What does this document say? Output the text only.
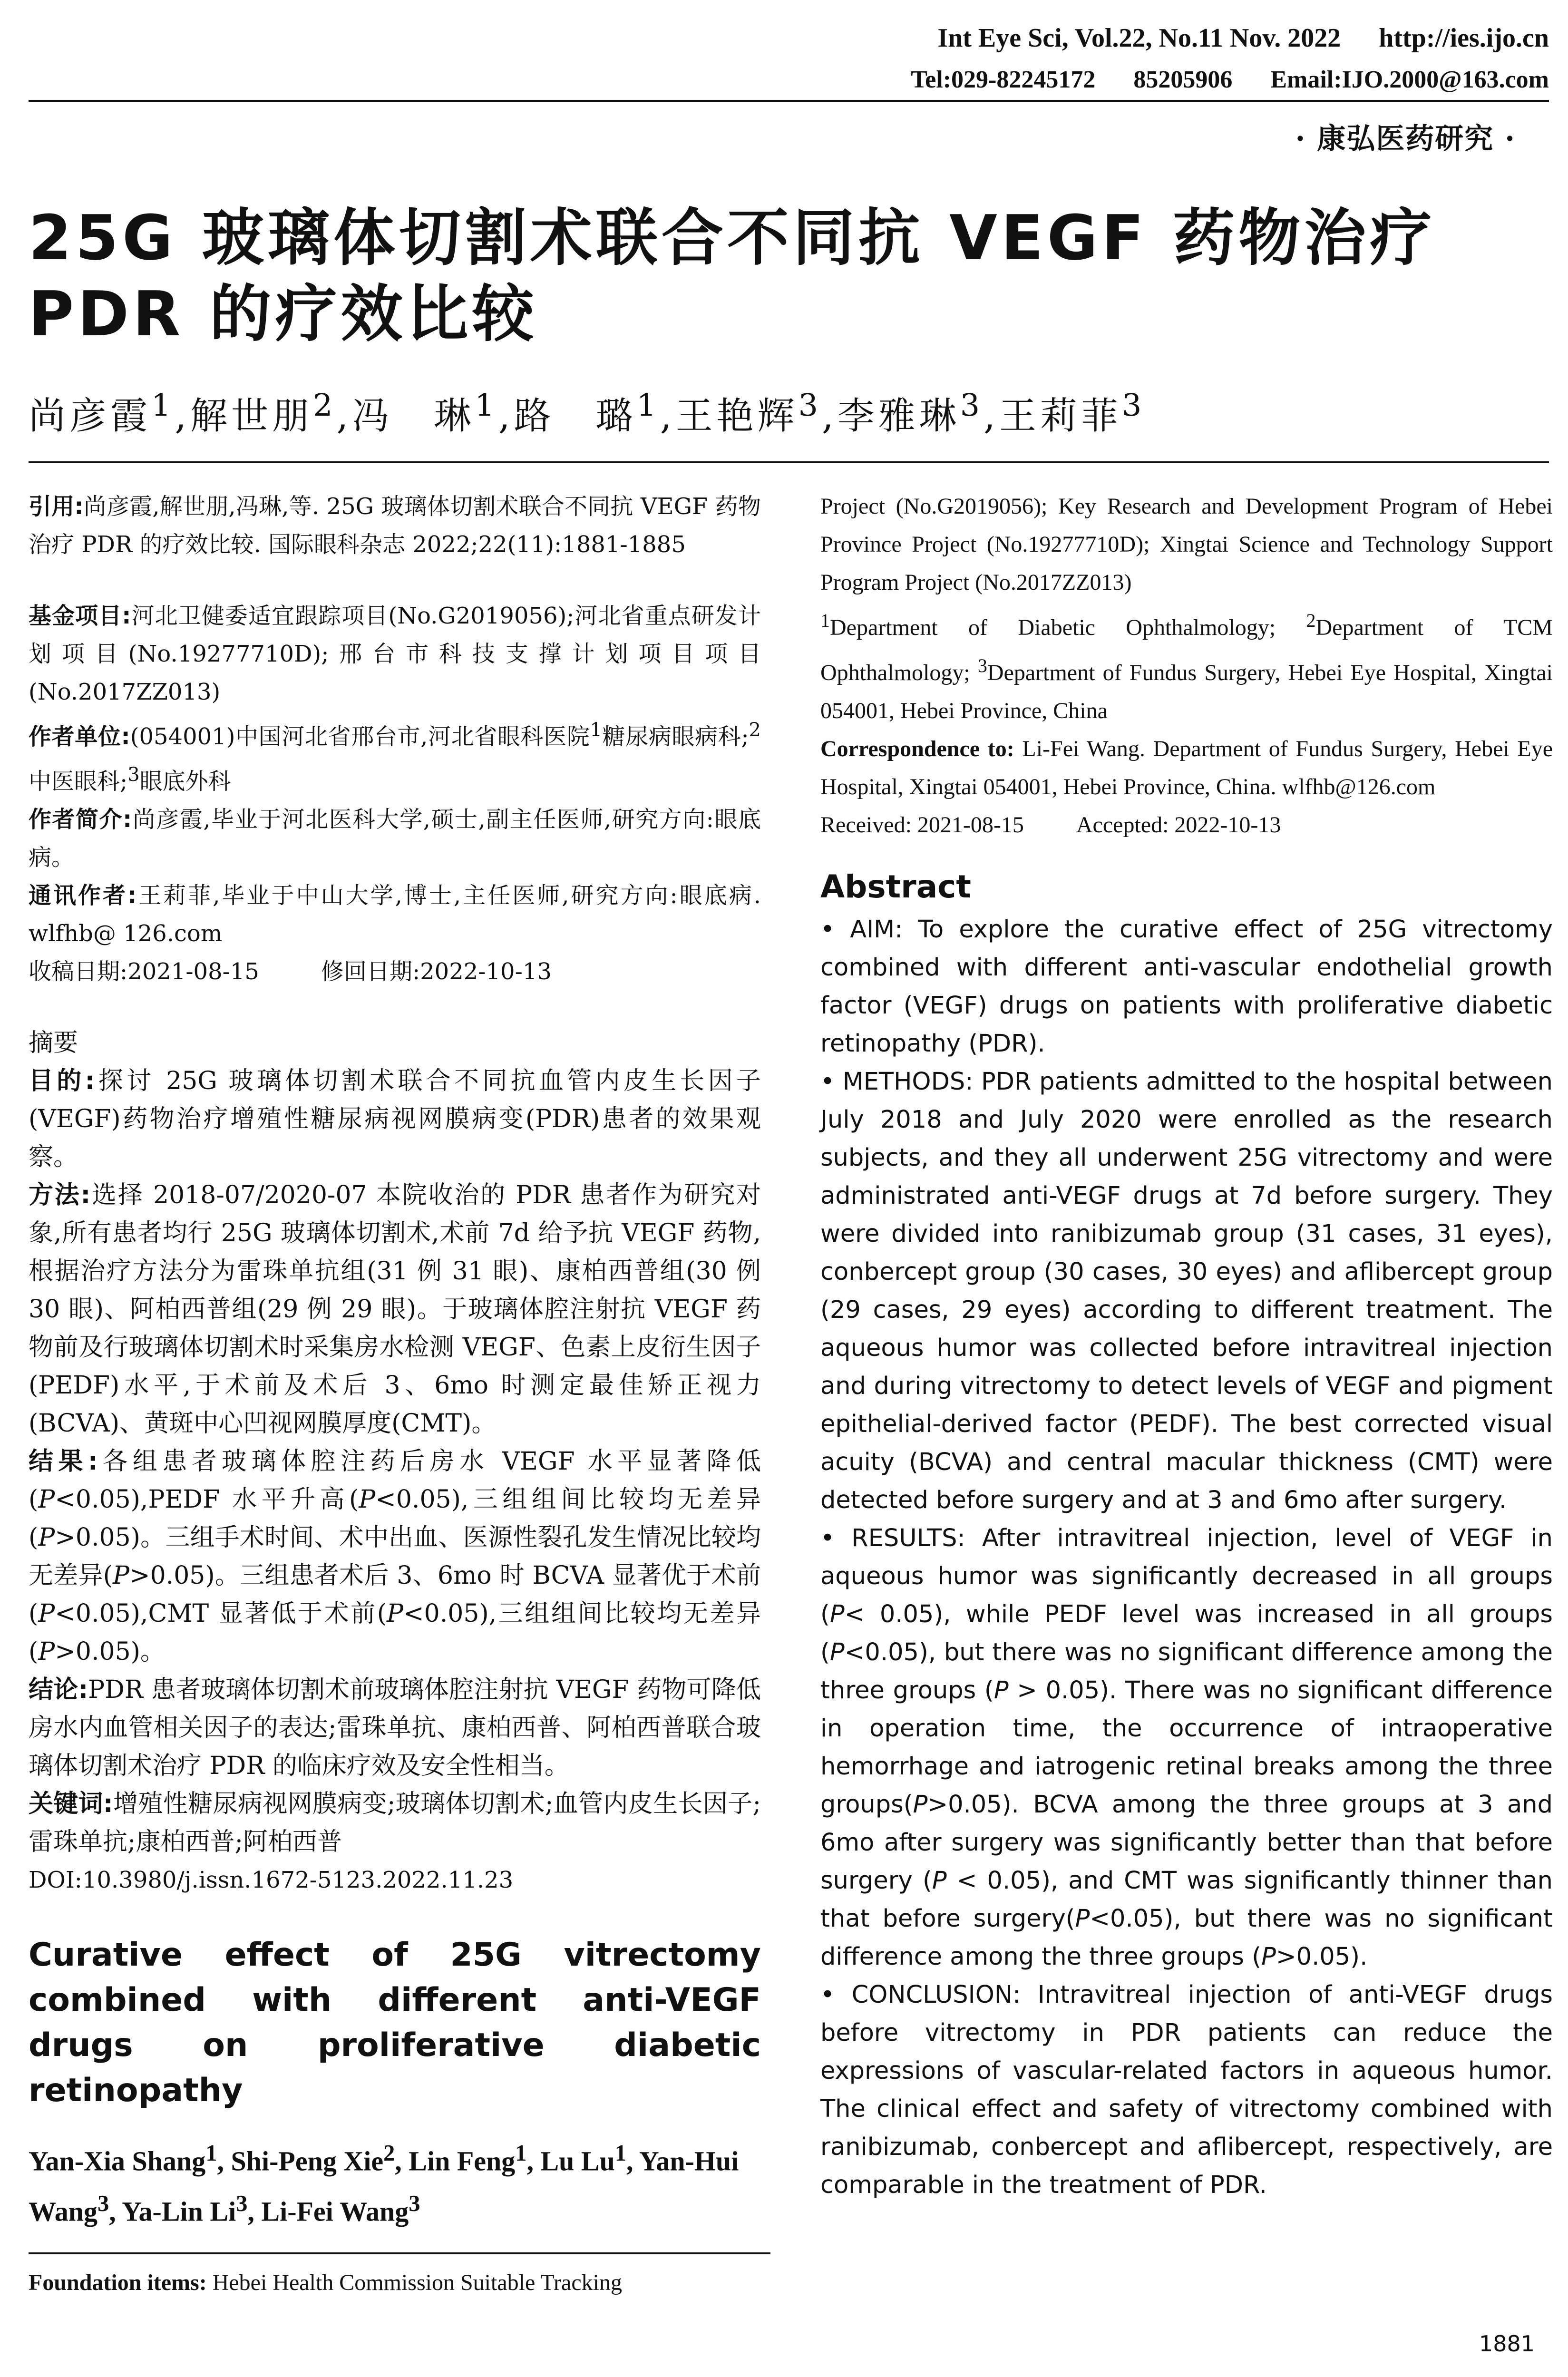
Int Eye Sci, Vol.22, No.11 Nov. 2022 http://ies.ijo.cn
Tel:029-82245172 85205906 Email:IJO.2000@163.com
· 康弘医药研究 ·
25G 玻璃体切割术联合不同抗 VEGF 药物治疗 PDR 的疗效比较
尚彦霞$^1$,解世朋$^2$,冯　琳$^1$,路　璐$^1$,王艳辉$^3$,李雅琳$^3$,王莉菲$^3$

引用:尚彦霞,解世朋,冯琳,等. 25G 玻璃体切割术联合不同抗 VEGF 药物治疗 PDR 的疗效比较. 国际眼科杂志 2022;22(11):1881-1885

基金项目:河北卫健委适宜跟踪项目(No.G2019056);河北省重点研发计划项目(No.19277710D);邢台市科技支撑计划项目项目(No.2017ZZ013)

作者单位:(054001)中国河北省邢台市,河北省眼科医院$^1$糖尿病眼病科;$^2$中医眼科;$^3$眼底外科

作者简介:尚彦霞,毕业于河北医科大学,硕士,副主任医师,研究方向:眼底病。

通讯作者:王莉菲,毕业于中山大学,博士,主任医师,研究方向:眼底病. wlfhb@ 126.com

收稿日期:2021-08-15	修回日期:2022-10-13

摘要

目的:探讨 25G 玻璃体切割术联合不同抗血管内皮生长因子(VEGF)药物治疗增殖性糖尿病视网膜病变(PDR)患者的效果观察。

方法:选择 2018-07/2020-07 本院收治的 PDR 患者作为研究对象,所有患者均行 25G 玻璃体切割术,术前 7d 给予抗 VEGF 药物,根据治疗方法分为雷珠单抗组(31 例 31 眼)、康柏西普组(30 例 30 眼)、阿柏西普组(29 例 29 眼)。于玻璃体腔注射抗 VEGF 药物前及行玻璃体切割术时采集房水检测 VEGF、色素上皮衍生因子(PEDF)水平,于术前及术后 3、6mo 时测定最佳矫正视力(BCVA)、黄斑中心凹视网膜厚度(CMT)。

结果:各组患者玻璃体腔注药后房水 VEGF 水平显著降低(P<0.05),PEDF 水平升高(P<0.05),三组组间比较均无差异(P>0.05)。三组手术时间、术中出血、医源性裂孔发生情况比较均无差异(P>0.05)。三组患者术后 3、6mo 时 BCVA 显著优于术前(P<0.05),CMT 显著低于术前(P<0.05),三组组间比较均无差异(P>0.05)。

结论:PDR 患者玻璃体切割术前玻璃体腔注射抗 VEGF 药物可降低房水内血管相关因子的表达;雷珠单抗、康柏西普、阿柏西普联合玻璃体切割术治疗 PDR 的临床疗效及安全性相当。

关键词:增殖性糖尿病视网膜病变;玻璃体切割术;血管内皮生长因子;雷珠单抗;康柏西普;阿柏西普

DOI:10.3980/j.issn.1672-5123.2022.11.23

Curative effect of 25G vitrectomy combined with different anti-VEGF drugs on proliferative diabetic retinopathy

Yan-Xia Shang$^1$, Shi-Peng Xie$^2$, Lin Feng$^1$, Lu Lu$^1$, Yan-Hui Wang$^3$, Ya-Lin Li$^3$, Li-Fei Wang$^3$

Foundation items: Hebei Health Commission Suitable Tracking

Project (No.G2019056); Key Research and Development Program of Hebei Province Project (No.19277710D); Xingtai Science and Technology Support Program Project (No.2017ZZ013)

$^1$Department of Diabetic Ophthalmology; $^2$Department of TCM Ophthalmology; $^3$Department of Fundus Surgery, Hebei Eye Hospital, Xingtai 054001, Hebei Province, China

Correspondence to: Li-Fei Wang. Department of Fundus Surgery, Hebei Eye Hospital, Xingtai 054001, Hebei Province, China. wlfhb@126.com

Received: 2021-08-15 Accepted: 2022-10-13

Abstract

• AIM: To explore the curative effect of 25G vitrectomy combined with different anti-vascular endothelial growth factor (VEGF) drugs on patients with proliferative diabetic retinopathy (PDR).

• METHODS: PDR patients admitted to the hospital between July 2018 and July 2020 were enrolled as the research subjects, and they all underwent 25G vitrectomy and were administrated anti-VEGF drugs at 7d before surgery. They were divided into ranibizumab group (31 cases, 31 eyes), conbercept group (30 cases, 30 eyes) and aflibercept group (29 cases, 29 eyes) according to different treatment. The aqueous humor was collected before intravitreal injection and during vitrectomy to detect levels of VEGF and pigment epithelial-derived factor (PEDF). The best corrected visual acuity (BCVA) and central macular thickness (CMT) were detected before surgery and at 3 and 6mo after surgery.

• RESULTS: After intravitreal injection, level of VEGF in aqueous humor was significantly decreased in all groups (P< 0.05), while PEDF level was increased in all groups (P<0.05), but there was no significant difference among the three groups (P > 0.05). There was no significant difference in operation time, the occurrence of intraoperative hemorrhage and iatrogenic retinal breaks among the three groups(P>0.05). BCVA among the three groups at 3 and 6mo after surgery was significantly better than that before surgery (P < 0.05), and CMT was significantly thinner than that before surgery(P<0.05), but there was no significant difference among the three groups (P>0.05).

• CONCLUSION: Intravitreal injection of anti-VEGF drugs before vitrectomy in PDR patients can reduce the expressions of vascular-related factors in aqueous humor. The clinical effect and safety of vitrectomy combined with ranibizumab, conbercept and aflibercept, respectively, are comparable in the treatment of PDR.

1881
